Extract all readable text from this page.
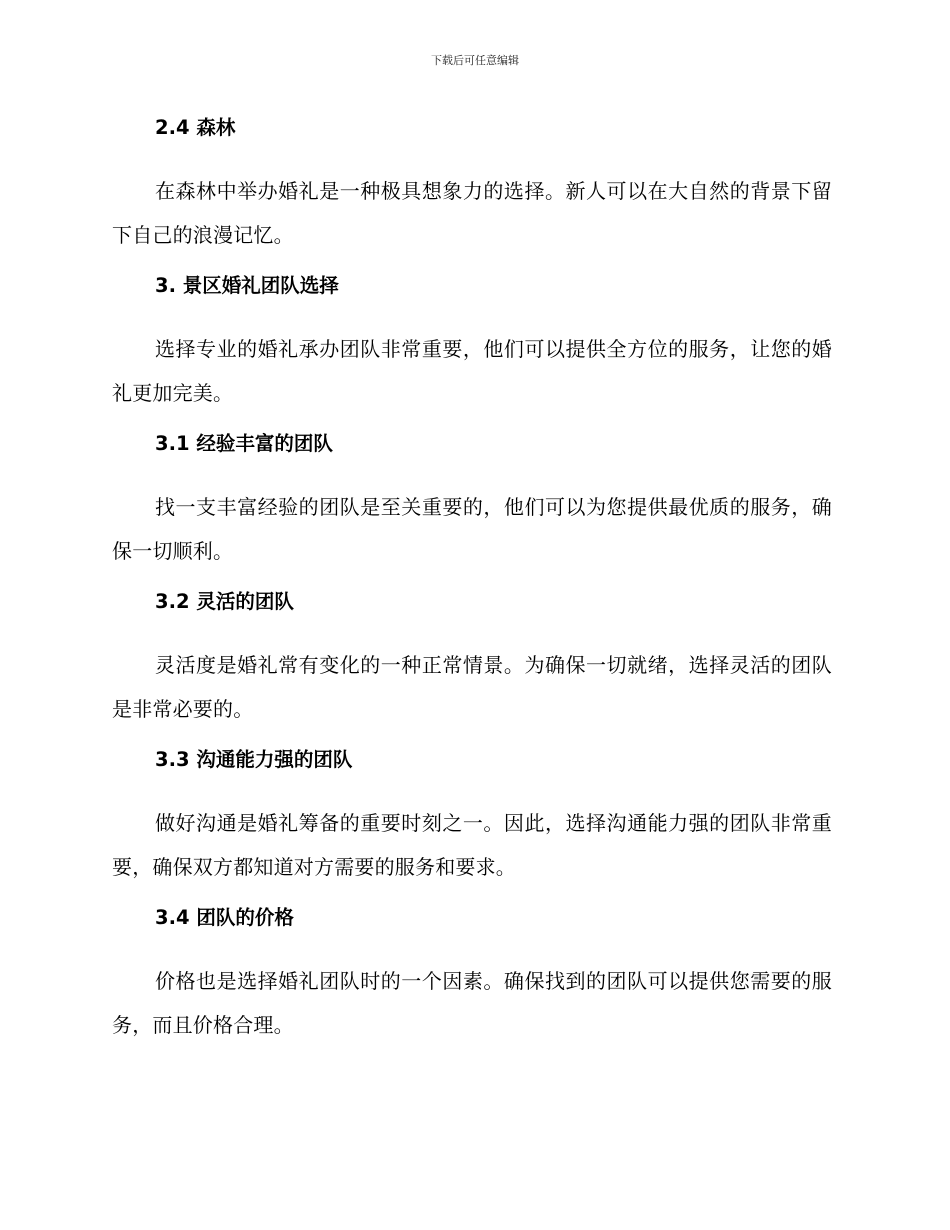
下载后可任意编辑
2.4 森林

在森林中举办婚礼是一种极具想象力的选择。新人可以在大自然的背景下留下自己的浪漫记忆。

3. 景区婚礼团队选择

选择专业的婚礼承办团队非常重要，他们可以提供全方位的服务，让您的婚礼更加完美。

3.1 经验丰富的团队

找一支丰富经验的团队是至关重要的，他们可以为您提供最优质的服务，确保一切顺利。

3.2 灵活的团队

灵活度是婚礼常有变化的一种正常情景。为确保一切就绪，选择灵活的团队是非常必要的。

3.3 沟通能力强的团队

做好沟通是婚礼筹备的重要时刻之一。因此，选择沟通能力强的团队非常重要，确保双方都知道对方需要的服务和要求。

3.4 团队的价格

价格也是选择婚礼团队时的一个因素。确保找到的团队可以提供您需要的服务，而且价格合理。
